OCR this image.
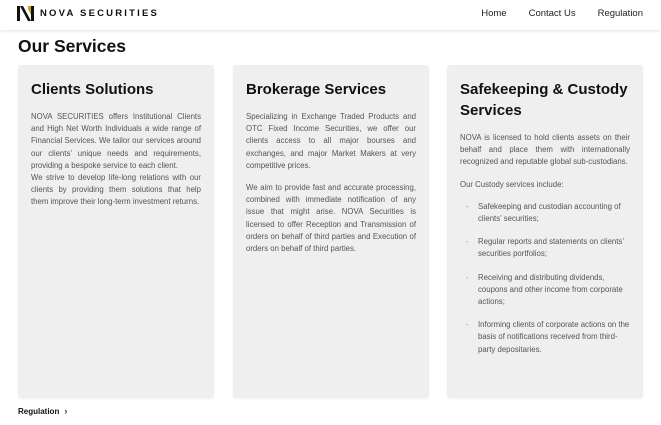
NOVA SECURITIES	Home Contact Us Regulation
Our Services
Clients Solutions

NOVA SECURITIES offers Institutional Clients and High Net Worth Individuals a wide range of Financial Services. We tailor our services around our clients’ unique needs and requirements, providing a bespoke service to each client.

We strive to develop life-long relations with our clients by providing them solutions that help them improve their long-term investment returns.

Brokerage Services

Specializing in Exchange Traded Products and OTC Fixed Income Securities, we offer our clients access to all major bourses and exchanges, and major Market Makers at very competitive prices.

We aim to provide fast and accurate processing, combined with immediate notification of any issue that might arise. NOVA Securities is licensed to offer Reception and Transmission of orders on behalf of third parties and Execution of orders on behalf of third parties.

Safekeeping & Custody Services

NOVA is licensed to hold clients assets on their behalf and place them with internationally recognized and reputable global sub-custodians.

Our Custody services include:

- Safekeeping and custodian accounting of clients’ securities;
- Regular reports and statements on clients’ securities portfolios;
- Receiving and distributing dividends, coupons and other income from corporate actions;
- Informing clients of corporate actions on the basis of notifications received from third-party depositaries.
Regulation ›
